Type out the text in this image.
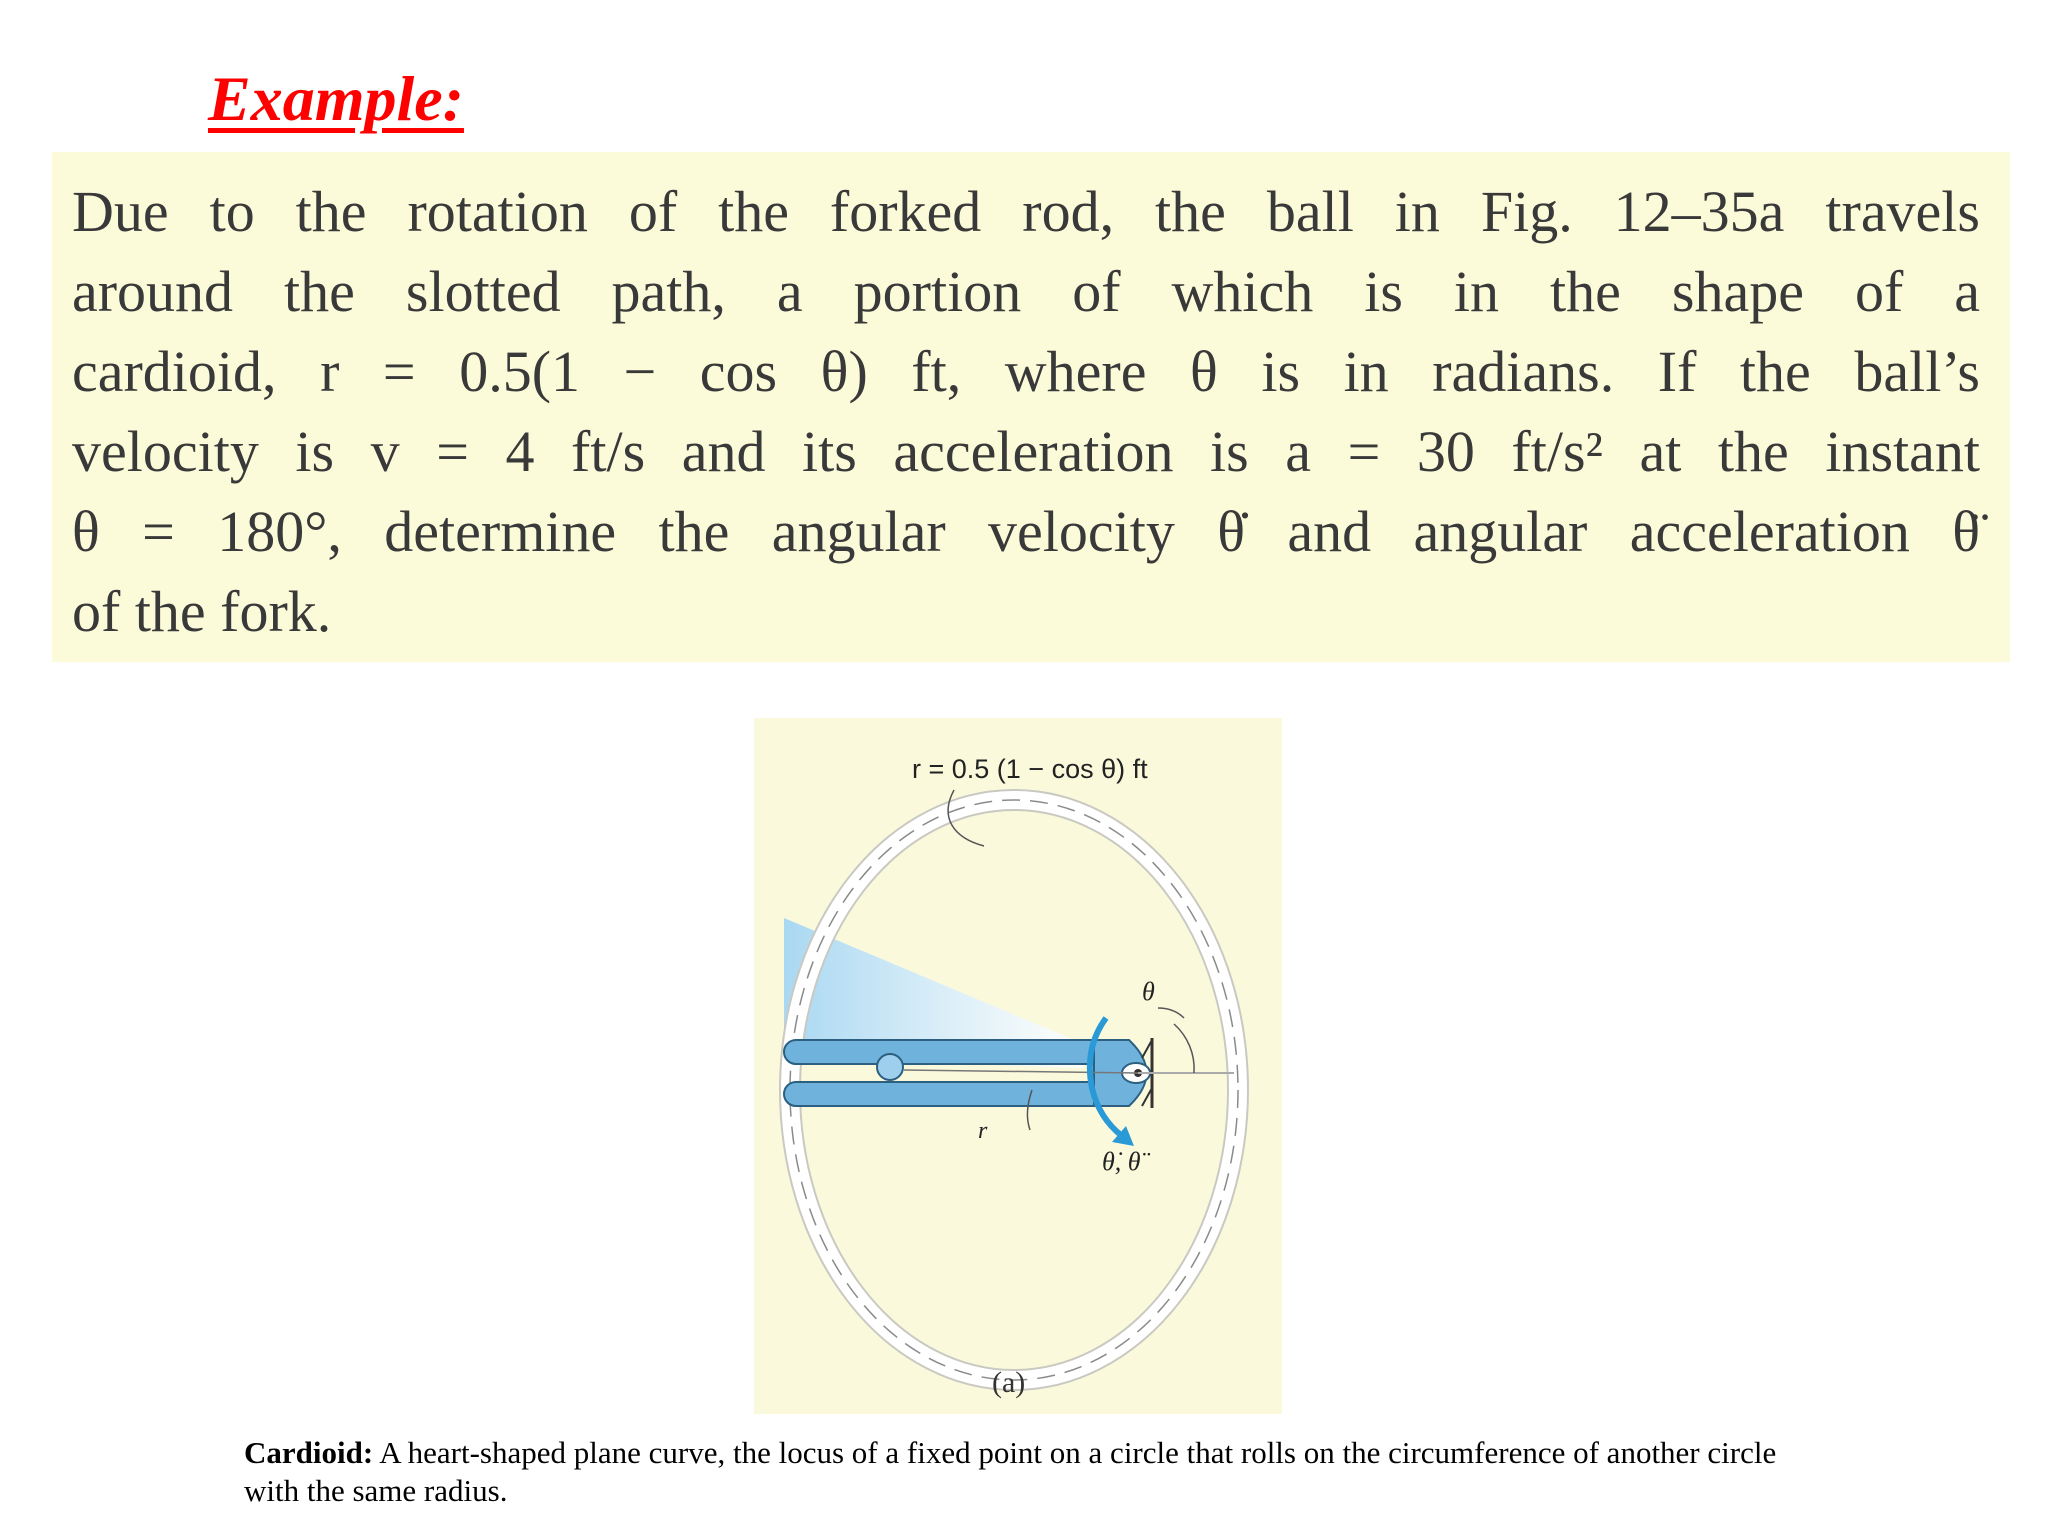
Example:
Due to the rotation of the forked rod, the ball in Fig. 12–35a travels
around the slotted path, a portion of which is in the shape of a
cardioid, r = 0.5(1 − cos θ) ft, where θ is in radians. If the ball’s
velocity is v = 4 ft/s and its acceleration is a = 30 ft/s² at the instant
θ = 180°, determine the angular velocity θ̇ and angular acceleration θ̈
of the fork.
r = 0.5 (1 − cos θ) ft
θ
r
θ̇, θ̈
(a)
Cardioid: A heart-shaped plane curve, the locus of a fixed point on a circle that rolls on the circumference of another circle with the same radius.
